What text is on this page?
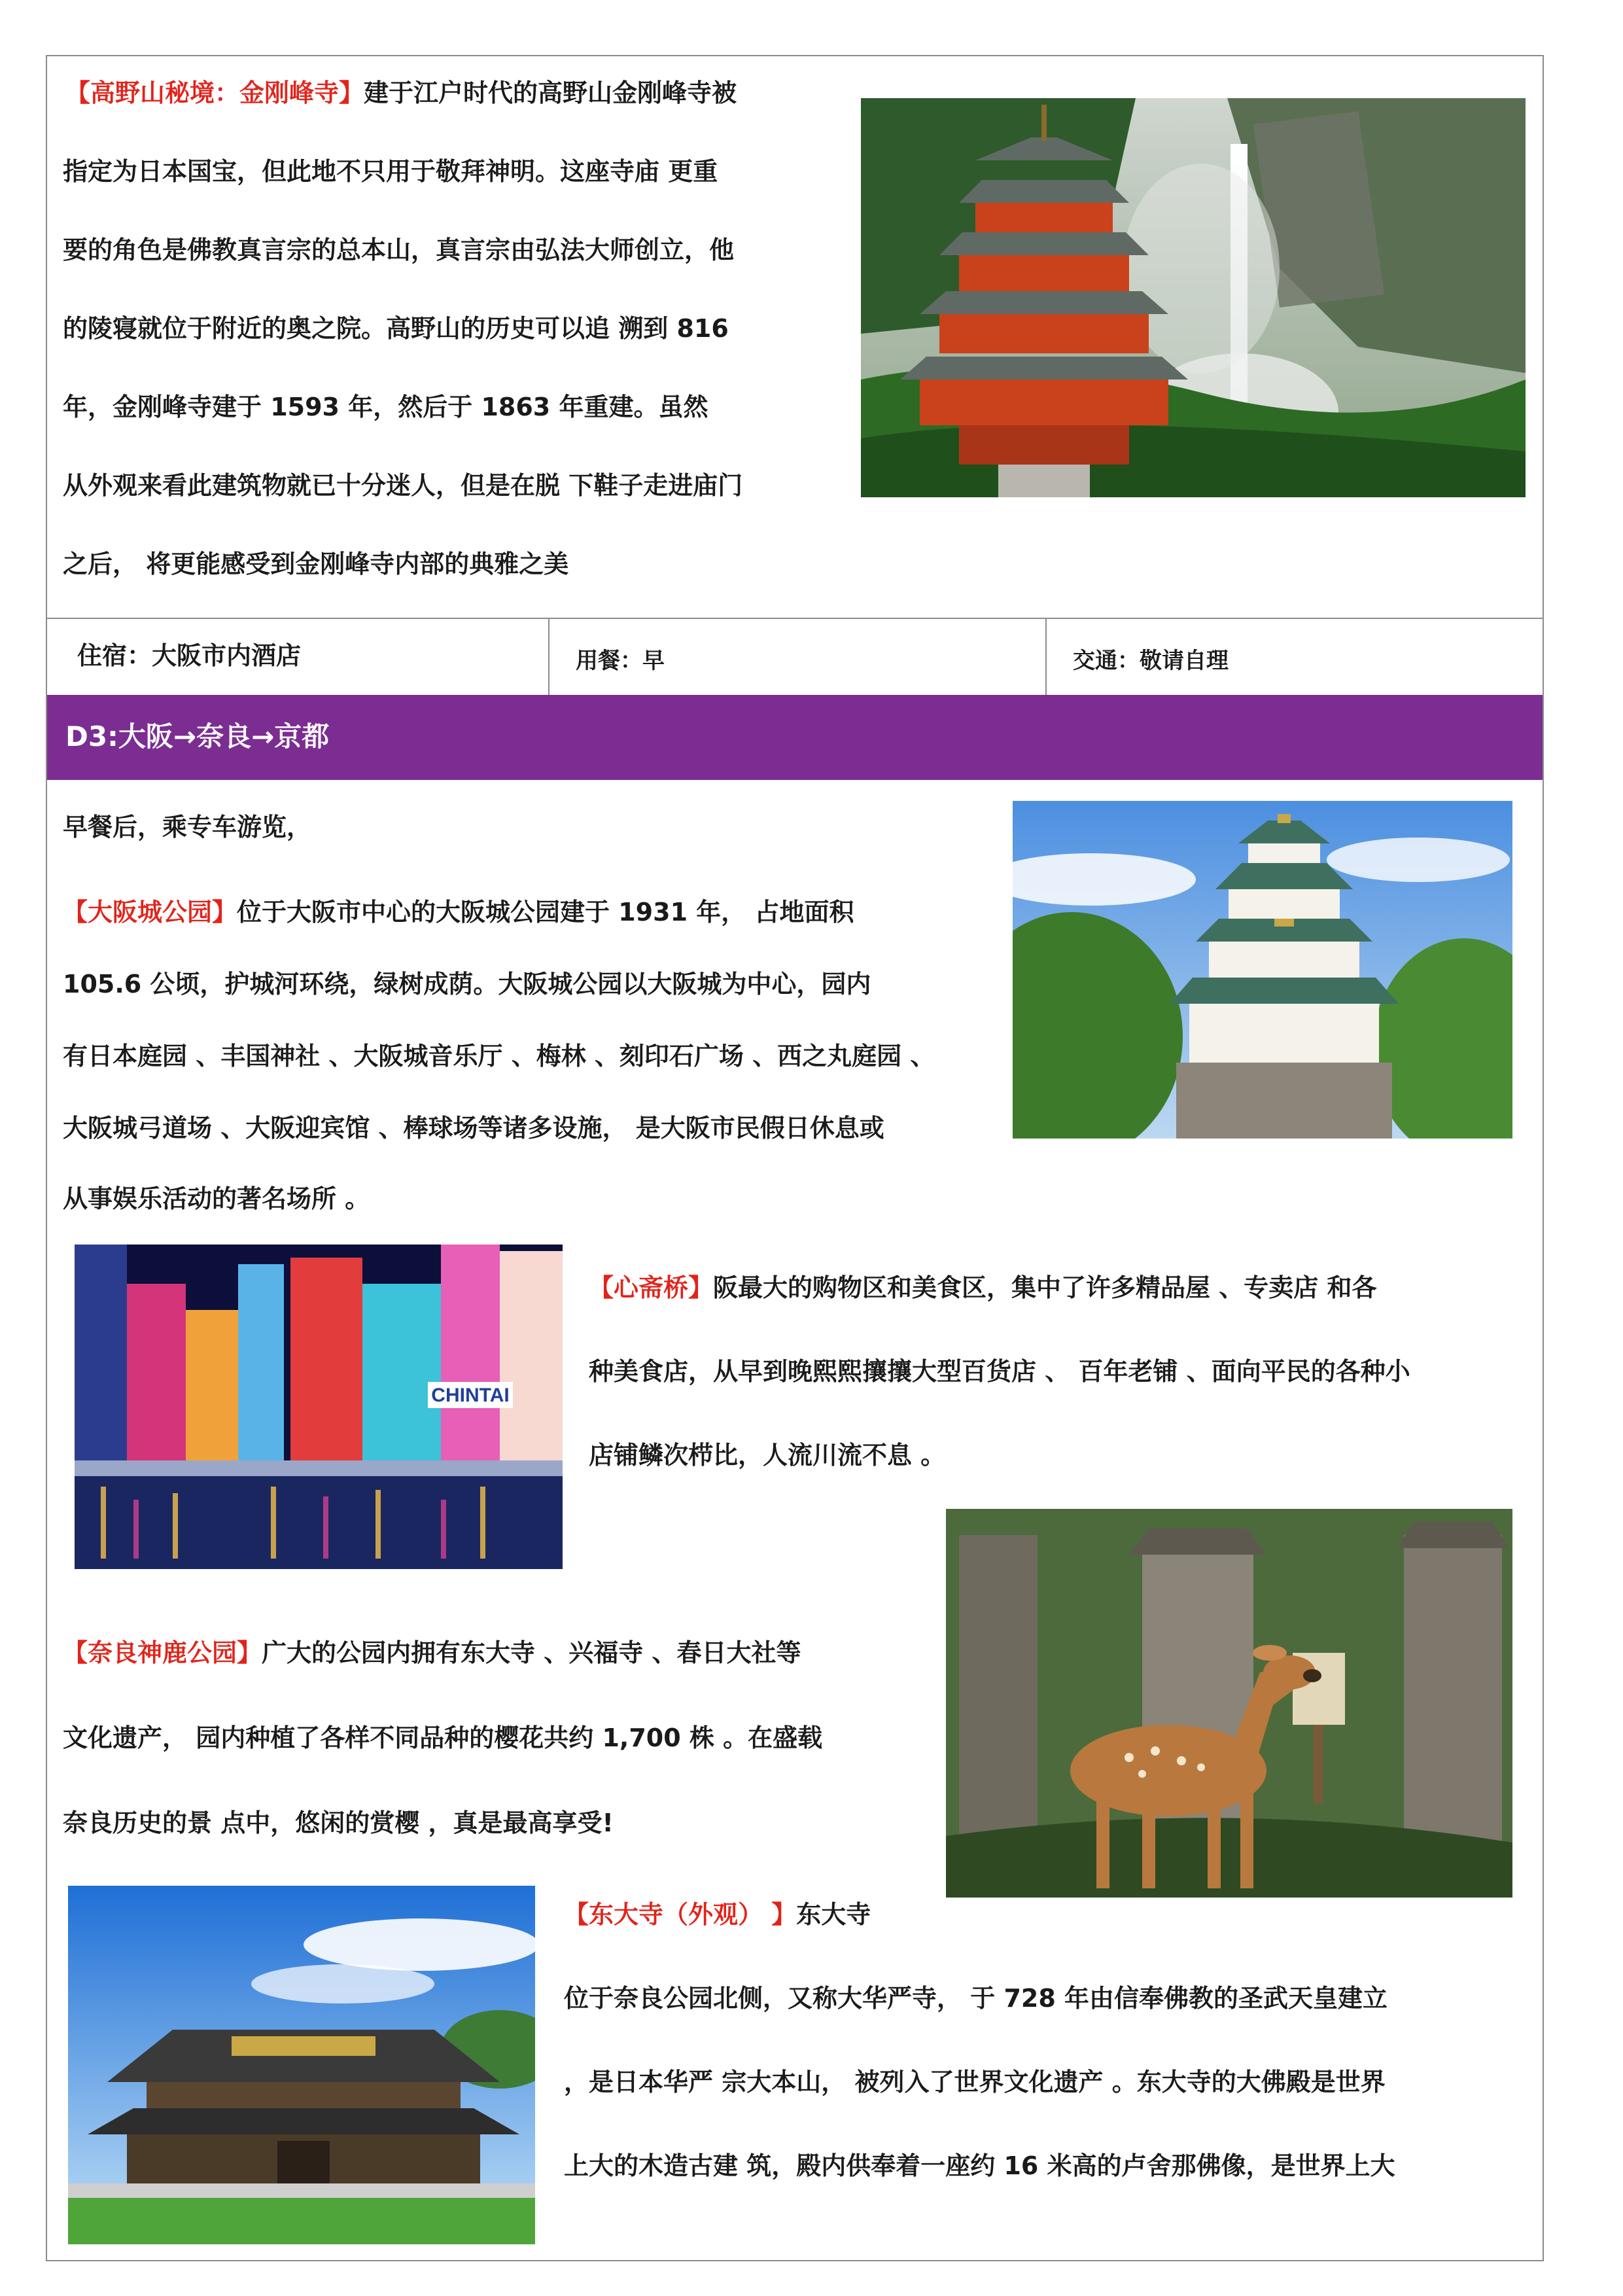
【高野山秘境：金刚峰寺】建于江户时代的高野山金刚峰寺被
指定为日本国宝，但此地不只用于敬拜神明。这座寺庙 更重
要的角色是佛教真言宗的总本山，真言宗由弘法大师创立，他
的陵寝就位于附近的奥之院。高野山的历史可以追 溯到 816
年，金刚峰寺建于 1593 年，然后于 1863 年重建。虽然
从外观来看此建筑物就已十分迷人，但是在脱 下鞋子走进庙门
之后， 将更能感受到金刚峰寺内部的典雅之美
住宿：大阪市内酒店	用餐：早	交通：敬请自理
D3:大阪→奈良→京都
早餐后，乘专车游览，
【大阪城公园】位于大阪市中心的大阪城公园建于 1931 年， 占地面积
105.6 公顷，护城河环绕，绿树成荫。大阪城公园以大阪城为中心，园内
有日本庭园 、丰国神社 、大阪城音乐厅 、梅林 、刻印石广场 、西之丸庭园 、
大阪城弓道场 、大阪迎宾馆 、棒球场等诸多设施， 是大阪市民假日休息或
从事娱乐活动的著名场所 。
CHINTAI
【心斋桥】阪最大的购物区和美食区，集中了许多精品屋 、专卖店 和各
种美食店，从早到晚熙熙攘攘大型百货店 、 百年老铺 、面向平民的各种小
店铺鳞次栉比，人流川流不息 。
【奈良神鹿公园】广大的公园内拥有东大寺 、兴福寺 、春日大社等
文化遗产， 园内种植了各样不同品种的樱花共约 1,700 株 。在盛载
奈良历史的景 点中，悠闲的赏樱 ，真是最高享受!
【东大寺（外观） 】东大寺
位于奈良公园北侧，又称大华严寺， 于 728 年由信奉佛教的圣武天皇建立
，是日本华严 宗大本山， 被列入了世界文化遗产 。东大寺的大佛殿是世界
上大的木造古建 筑，殿内供奉着一座约 16 米高的卢舍那佛像，是世界上大
